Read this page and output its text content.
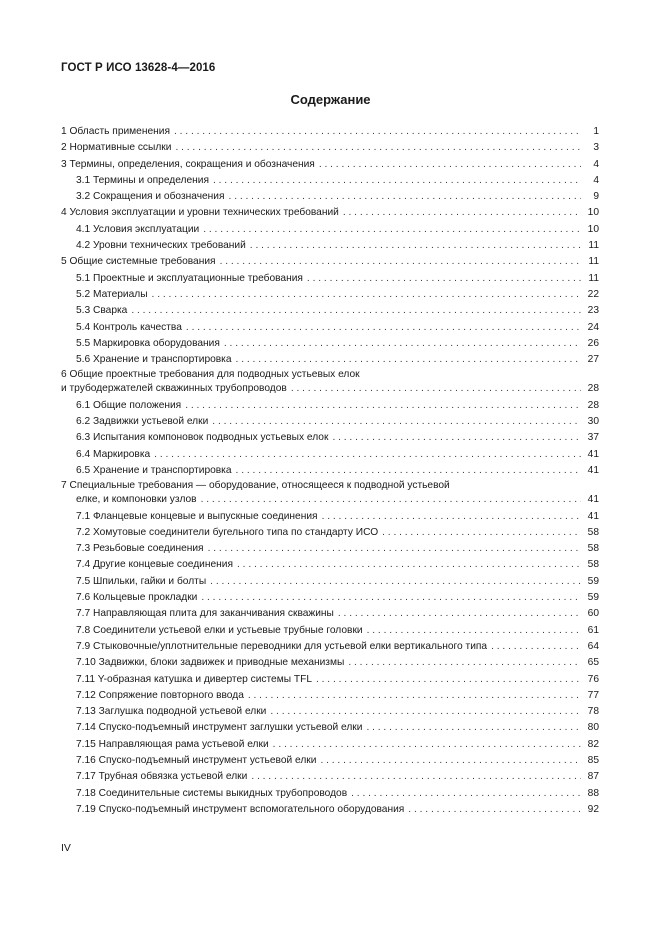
ГОСТ Р ИСО 13628-4—2016
Содержание
1 Область применения . . .	1
2 Нормативные ссылки . . .	3
3 Термины, определения, сокращения и обозначения . . .	4
3.1 Термины и определения . . .	4
3.2 Сокращения и обозначения . . .	9
4 Условия эксплуатации и уровни технических требований . . .	10
4.1 Условия эксплуатации . . .	10
4.2 Уровни технических требований . . .	11
5 Общие системные требования . . .	11
5.1 Проектные и эксплуатационные требования . . .	11
5.2 Материалы . . .	22
5.3 Сварка . . .	23
5.4 Контроль качества . . .	24
5.5 Маркировка оборудования . . .	26
5.6 Хранение и транспортировка . . .	27
6 Общие проектные требования для подводных устьевых елок
и трубодержателей скважинных трубопроводов . . .	28
6.1 Общие положения . . .	28
6.2 Задвижки устьевой елки . . .	30
6.3 Испытания компоновок подводных устьевых елок . . .	37
6.4 Маркировка . . .	41
6.5 Хранение и транспортировка . . .	41
7 Специальные требования — оборудование, относящееся к подводной устьевой
елке, и компоновки узлов . . .	41
7.1 Фланцевые концевые и выпускные соединения . . .	41
7.2 Хомутовые соединители бугельного типа по стандарту ИСО . . .	58
7.3 Резьбовые соединения . . .	58
7.4 Другие концевые соединения . . .	58
7.5 Шпильки, гайки и болты . . .	59
7.6 Кольцевые прокладки . . .	59
7.7 Направляющая плита для заканчивания скважины . . .	60
7.8 Соединители устьевой елки и устьевые трубные головки . . .	61
7.9 Стыковочные/уплотнительные переводники для устьевой елки вертикального типа . . .	64
7.10 Задвижки, блоки задвижек и приводные механизмы . . .	65
7.11 Y-образная катушка и дивертер системы TFL . . .	76
7.12 Сопряжение повторного ввода . . .	77
7.13 Заглушка подводной устьевой елки . . .	78
7.14 Спуско-подъемный инструмент заглушки устьевой елки . . .	80
7.15 Направляющая рама устьевой елки . . .	82
7.16 Спуско-подъемный инструмент устьевой елки . . .	85
7.17 Трубная обвязка устьевой елки . . .	87
7.18 Соединительные системы выкидных трубопроводов . . .	88
7.19 Спуско-подъемный инструмент вспомогательного оборудования . . .	92
IV
